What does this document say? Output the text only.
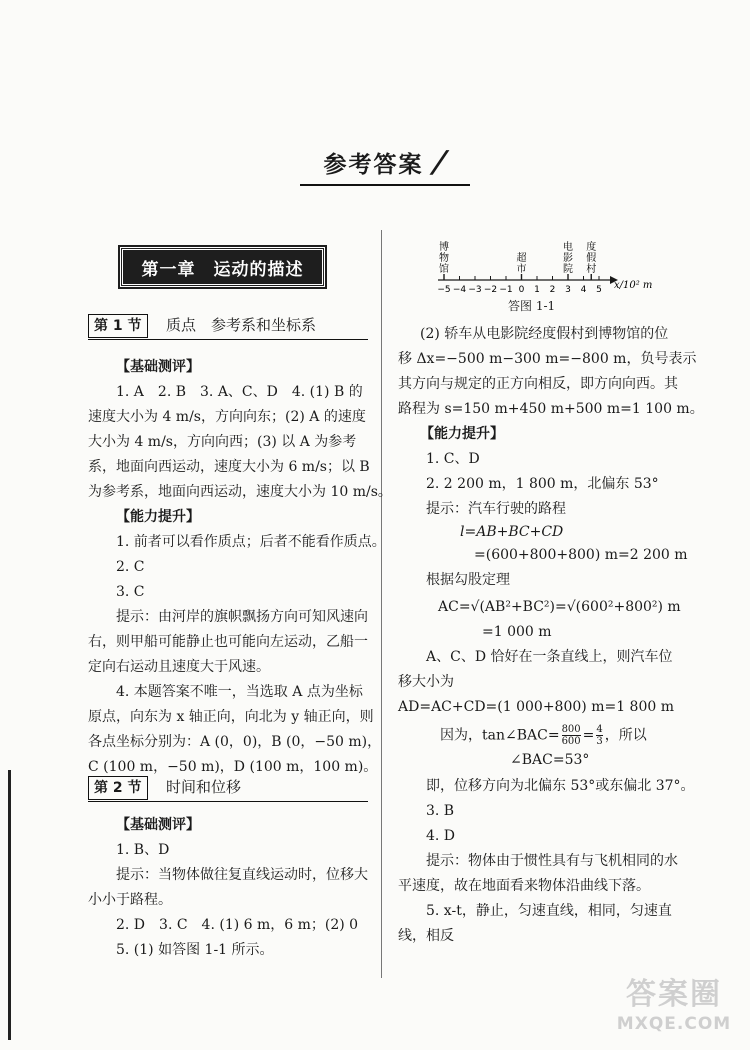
参考答案 /
第一章　运动的描述
第 1 节 质点　参考系和坐标系
【基础测评】
1. A　2. B　3. A、C、D　4. (1) B 的
速度大小为 4 m/s，方向向东；(2) A 的速度
大小为 4 m/s，方向向西；(3) 以 A 为参考
系，地面向西运动，速度大小为 6 m/s；以 B
为参考系，地面向西运动，速度大小为 10 m/s。
【能力提升】
1. 前者可以看作质点；后者不能看作质点。
2. C
3. C
提示：由河岸的旗帜飘扬方向可知风速向
右，则甲船可能静止也可能向左运动，乙船一
定向右运动且速度大于风速。
4. 本题答案不唯一，当选取 A 点为坐标
原点，向东为 x 轴正向，向北为 y 轴正向，则
各点坐标分别为：A (0，0)，B (0，−50 m)，
C (100 m，−50 m)，D (100 m，100 m)。
第 2 节 时间和位移
【基础测评】
1. B、D
提示：当物体做往复直线运动时，位移大
小小于路程。
2. D　3. C　4. (1) 6 m，6 m；(2) 0
5. (1) 如答图 1-1 所示。
−5 −4 −3 −2 −1 0 1 2 3 4 5
博物馆
超市
电影院
度假村
x/10² m
答图 1-1
(2) 轿车从电影院经度假村到博物馆的位
移 Δx=−500 m−300 m=−800 m，负号表示
其方向与规定的正方向相反，即方向向西。其
路程为 s=150 m+450 m+500 m=1 100 m。
【能力提升】
1. C、D
2. 2 200 m，1 800 m，北偏东 53°
提示：汽车行驶的路程
l=AB+BC+CD
=(600+800+800) m=2 200 m
根据勾股定理
AC=√(AB²+BC²)=√(600²+800²) m
=1 000 m
A、C、D 恰好在一条直线上，则汽车位
移大小为
AD=AC+CD=(1 000+800) m=1 800 m
因为，tan∠BAC= $\frac{800}{600} = \frac{4}{3}$ ，所以
∠BAC=53°
即，位移方向为北偏东 53°或东偏北 37°。
3. B
4. D
提示：物体由于惯性具有与飞机相同的水
平速度，故在地面看来物体沿曲线下落。
5. x-t，静止，匀速直线，相同，匀速直
线，相反
答案圈
MXQE.COM
